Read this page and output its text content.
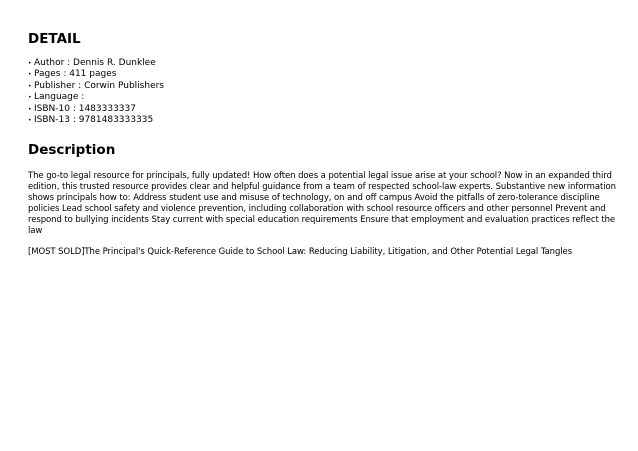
DETAIL
• Author : Dennis R. Dunklee
• Pages : 411 pages
• Publisher : Corwin Publishers
• Language :
• ISBN-10 : 1483333337
• ISBN-13 : 9781483333335
Description

The go-to legal resource for principals, fully updated! How often does a potential legal issue arise at your school? Now in an expanded third edition, this trusted resource provides clear and helpful guidance from a team of respected school-law experts. Substantive new information shows principals how to: Address student use and misuse of technology, on and off campus Avoid the pitfalls of zero-tolerance discipline policies Lead school safety and violence prevention, including collaboration with school resource officers and other personnel Prevent and respond to bullying incidents Stay current with special education requirements Ensure that employment and evaluation practices reflect the law

[MOST SOLD]The Principal's Quick-Reference Guide to School Law: Reducing Liability, Litigation, and Other Potential Legal Tangles
